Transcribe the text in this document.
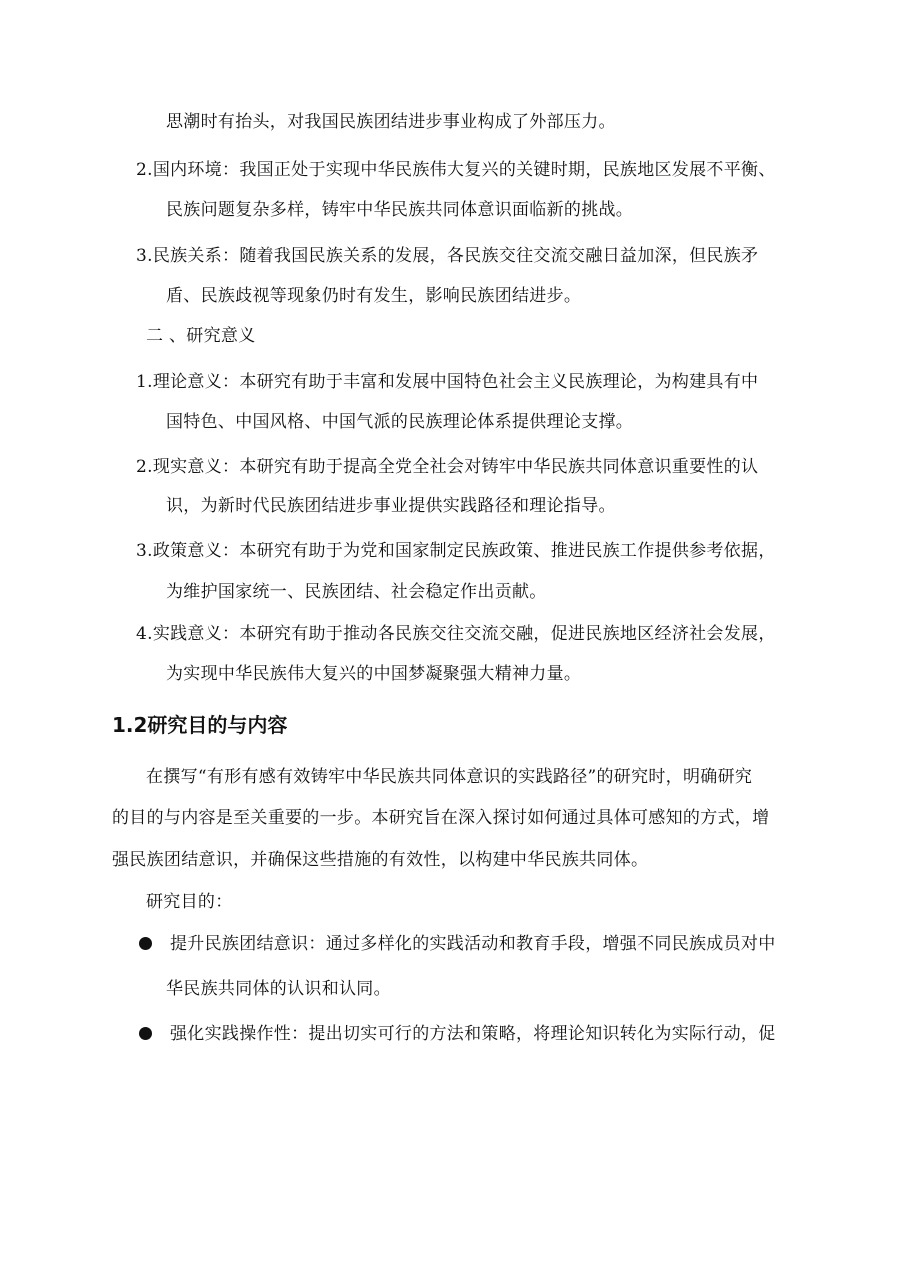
思潮时有抬头，对我国民族团结进步事业构成了外部压力。
2.国内环境：我国正处于实现中华民族伟大复兴的关键时期，民族地区发展不平衡、
民族问题复杂多样，铸牢中华民族共同体意识面临新的挑战。
3.民族关系：随着我国民族关系的发展，各民族交往交流交融日益加深，但民族矛
盾、民族歧视等现象仍时有发生，影响民族团结进步。
二 、研究意义
1.理论意义：本研究有助于丰富和发展中国特色社会主义民族理论，为构建具有中
国特色、中国风格、中国气派的民族理论体系提供理论支撑。
2.现实意义：本研究有助于提高全党全社会对铸牢中华民族共同体意识重要性的认
识，为新时代民族团结进步事业提供实践路径和理论指导。
3.政策意义：本研究有助于为党和国家制定民族政策、推进民族工作提供参考依据，
为维护国家统一、民族团结、社会稳定作出贡献。
4.实践意义：本研究有助于推动各民族交往交流交融，促进民族地区经济社会发展，
为实现中华民族伟大复兴的中国梦凝聚强大精神力量。
1.2研究目的与内容
在撰写“有形有感有效铸牢中华民族共同体意识的实践路径”的研究时，明确研究
的目的与内容是至关重要的一步。本研究旨在深入探讨如何通过具体可感知的方式，增
强民族团结意识，并确保这些措施的有效性，以构建中华民族共同体。
研究目的：
提升民族团结意识：通过多样化的实践活动和教育手段，增强不同民族成员对中
华民族共同体的认识和认同。
强化实践操作性：提出切实可行的方法和策略，将理论知识转化为实际行动，促
